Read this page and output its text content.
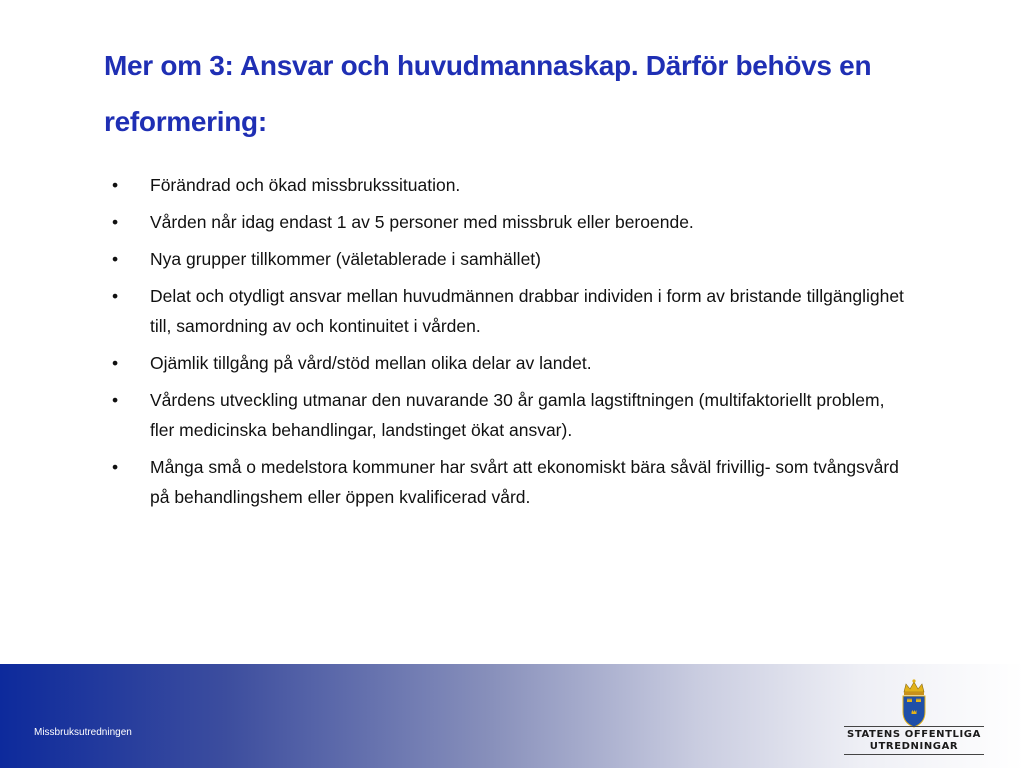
Mer om 3: Ansvar och huvudmannaskap. Därför behövs en reformering:
•	Förändrad och ökad missbrukssituation.
•	Vården når idag endast 1 av 5 personer med missbruk eller beroende.
•	Nya grupper tillkommer (väletablerade i samhället)
•	Delat och otydligt ansvar mellan huvudmännen drabbar individen i form av bristande tillgänglighet till, samordning av och kontinuitet i vården.
•	Ojämlik tillgång på vård/stöd mellan olika delar av landet.
•	Vårdens utveckling utmanar den nuvarande 30 år gamla lagstiftningen (multifaktoriellt problem, fler medicinska behandlingar, landstinget ökat ansvar).
•	Många små o medelstora kommuner har svårt att ekonomiskt bära såväl frivillig- som tvångsvård på behandlingshem eller öppen kvalificerad vård.
Missbruksutredningen	STATENS OFFENTLIGA
UTREDNINGAR
